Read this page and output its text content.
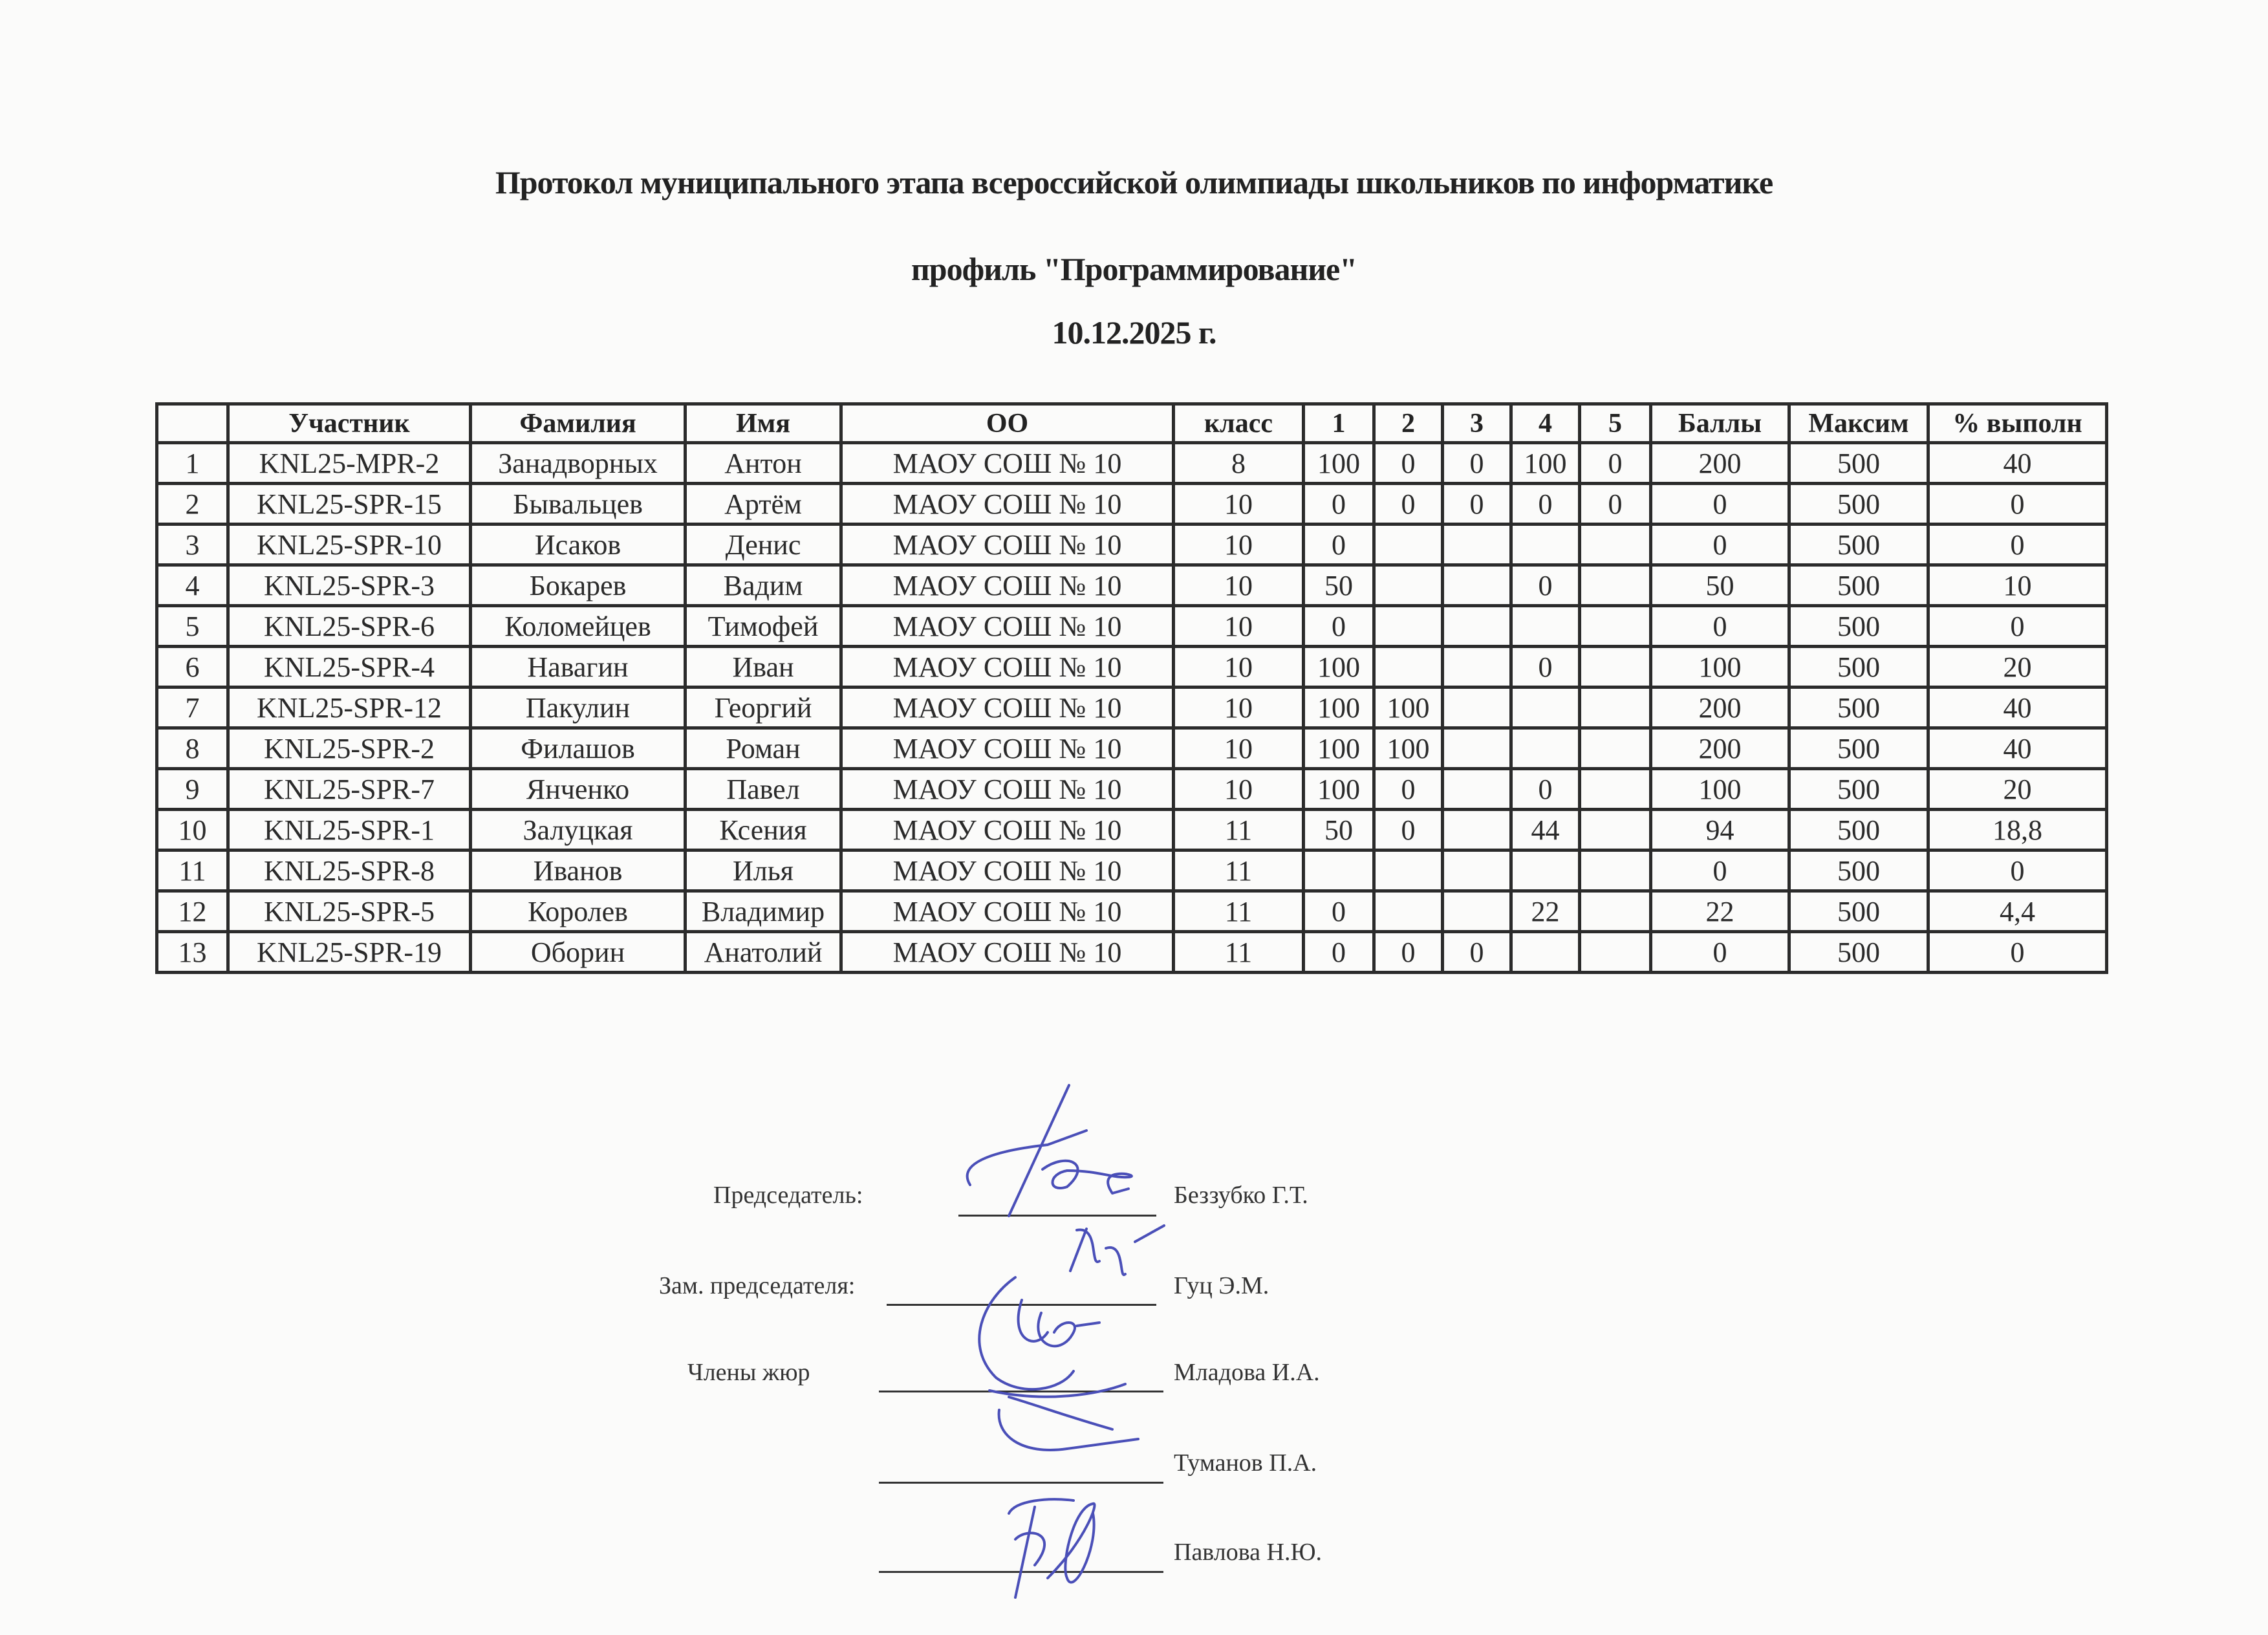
Протокол муниципального этапа всероссийской олимпиады школьников по информатике
профиль "Программирование"
10.12.2025 г.
	Участник	Фамилия	Имя	ОО	класс	1	2	3	4	5	Баллы	Максим	% выполн
1	KNL25-MPR-2	Занадворных	Антон	МАОУ СОШ № 10	8	100	0	0	100	0	200	500	40
2	KNL25-SPR-15	Бывальцев	Артём	МАОУ СОШ № 10	10	0	0	0	0	0	0	500	0
3	KNL25-SPR-10	Исаков	Денис	МАОУ СОШ № 10	10	0					0	500	0
4	KNL25-SPR-3	Бокарев	Вадим	МАОУ СОШ № 10	10	50			0		50	500	10
5	KNL25-SPR-6	Коломейцев	Тимофей	МАОУ СОШ № 10	10	0					0	500	0
6	KNL25-SPR-4	Навагин	Иван	МАОУ СОШ № 10	10	100			0		100	500	20
7	KNL25-SPR-12	Пакулин	Георгий	МАОУ СОШ № 10	10	100	100				200	500	40
8	KNL25-SPR-2	Филашов	Роман	МАОУ СОШ № 10	10	100	100				200	500	40
9	KNL25-SPR-7	Янченко	Павел	МАОУ СОШ № 10	10	100	0		0		100	500	20
10	KNL25-SPR-1	Залуцкая	Ксения	МАОУ СОШ № 10	11	50	0		44		94	500	18,8
11	KNL25-SPR-8	Иванов	Илья	МАОУ СОШ № 10	11						0	500	0
12	KNL25-SPR-5	Королев	Владимир	МАОУ СОШ № 10	11	0			22		22	500	4,4
13	KNL25-SPR-19	Оборин	Анатолий	МАОУ СОШ № 10	11	0	0	0			0	500	0
Председатель:
Зам. председателя:
Члены жюр
Беззубко Г.Т.
Гуц Э.М.
Младова И.А.
Туманов П.А.
Павлова Н.Ю.
